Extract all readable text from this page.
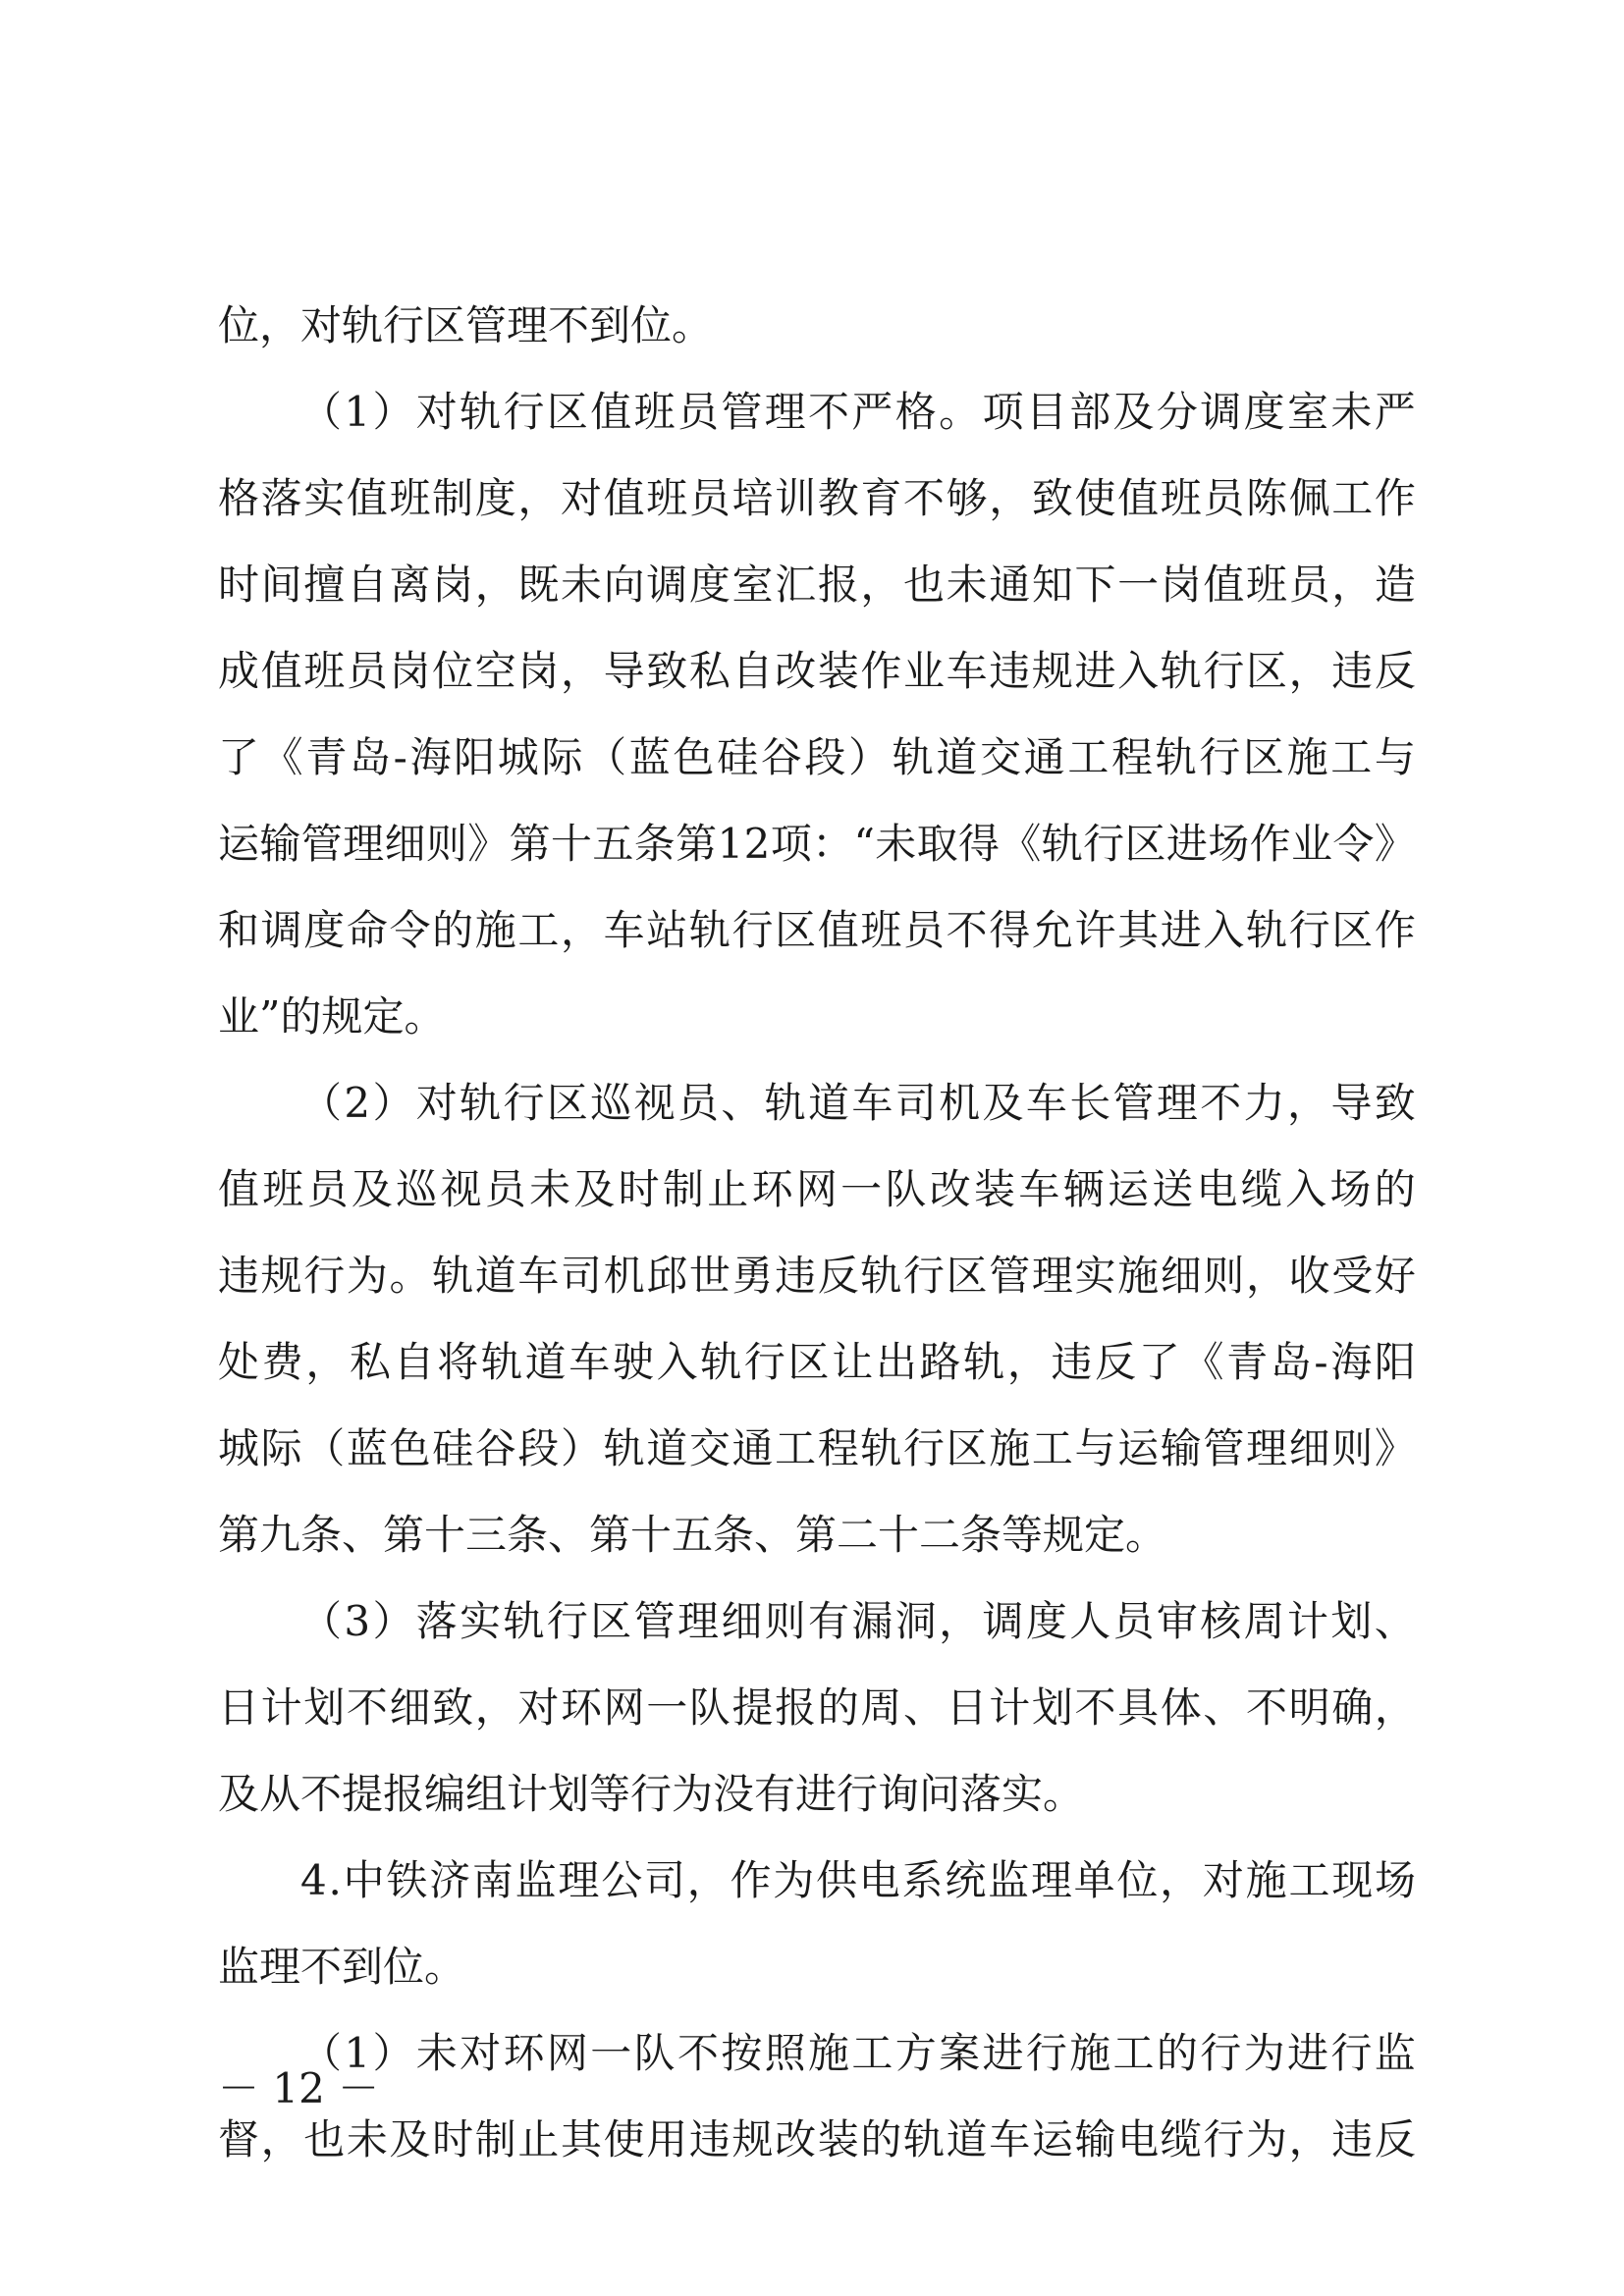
位，对轨行区管理不到位。
（ 1 ） 对 轨 行 区 值 班 员 管 理 不 严 格 。 项 目 部 及 分 调 度 室 未 严
格 落 实 值 班 制 度 ， 对 值 班 员 培 训 教 育 不 够 ， 致 使 值 班 员 陈 佩 工 作
时 间 擅 自 离 岗 ， 既 未 向 调 度 室 汇 报 ， 也 未 通 知 下 一 岗 值 班 员 ， 造
成 值 班 员 岗 位 空 岗 ， 导 致 私 自 改 装 作 业 车 违 规 进 入 轨 行 区 ， 违 反
了 《 青 岛 - 海 阳 城 际 （ 蓝 色 硅 谷 段 ） 轨 道 交 通 工 程 轨 行 区 施 工 与
运 输 管 理 细 则 》 第 十 五 条 第 1 2 项 ： “ 未 取 得 《 轨 行 区 进 场 作 业 令 》
和 调 度 命 令 的 施 工 ， 车 站 轨 行 区 值 班 员 不 得 允 许 其 进 入 轨 行 区 作
业”的规定。
（ 2 ） 对 轨 行 区 巡 视 员 、 轨 道 车 司 机 及 车 长 管 理 不 力 ， 导 致
值 班 员 及 巡 视 员 未 及 时 制 止 环 网 一 队 改 装 车 辆 运 送 电 缆 入 场 的
违 规 行 为 。 轨 道 车 司 机 邱 世 勇 违 反 轨 行 区 管 理 实 施 细 则 ， 收 受 好
处 费 ， 私 自 将 轨 道 车 驶 入 轨 行 区 让 出 路 轨 ， 违 反 了 《 青 岛 - 海 阳
城 际 （ 蓝 色 硅 谷 段 ） 轨 道 交 通 工 程 轨 行 区 施 工 与 运 输 管 理 细 则 》
第九条、第十三条、第十五条、第二十二条等规定。
（ 3 ） 落 实 轨 行 区 管 理 细 则 有 漏 洞 ， 调 度 人 员 审 核 周 计 划 、
日 计 划 不 细 致 ， 对 环 网 一 队 提 报 的 周 、 日 计 划 不 具 体 、 不 明 确 ，
及从不提报编组计划等行为没有进行询问落实。
4 . 中 铁 济 南 监 理 公 司 ， 作 为 供 电 系 统 监 理 单 位 ， 对 施 工 现 场
监理不到位。
（ 1 ） 未 对 环 网 一 队 不 按 照 施 工 方 案 进 行 施 工 的 行 为 进 行 监
督 ， 也 未 及 时 制 止 其 使 用 违 规 改 装 的 轨 道 车 运 输 电 缆 行 为 ， 违 反
－ 12 －
